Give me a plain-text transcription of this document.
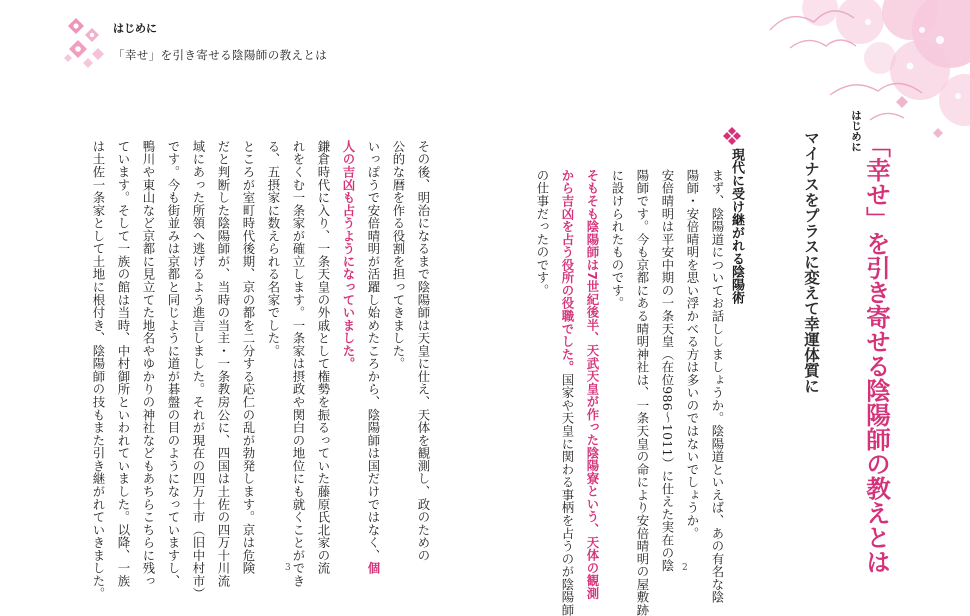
はじめに
「幸せ」を引き寄せる陰陽師の教えとは
はじめに
「幸せ」を引き寄せる陰陽師の教えとは
マイナスをプラスに変えて幸運体質に
現代に受け継がれる陰陽術
まず、陰陽道についてお話ししましょうか。陰陽道といえば、あの有名な陰
陽師・安倍晴明を思い浮かべる方は多いのではないでしょうか。
安倍晴明は平安中期の一条天皇（在位986〜1011）に仕えた実在の陰
陽師です。今も京都にある晴明神社は、一条天皇の命により安倍晴明の屋敷跡
に設けられたものです。
そもそも陰陽師は7世紀後半、天武天皇が作った陰陽寮という、天体の観測
から吉凶を占う役所の役職でした。国家や天皇に関わる事柄を占うのが陰陽師
の仕事だったのです。
その後、明治になるまで陰陽師は天皇に仕え、天体を観測し、政のための
公的な暦を作る役割を担ってきました。
いっぽうで安倍晴明が活躍し始めたころから、陰陽師は国だけではなく、個
人の吉凶も占うようになっていました。
鎌倉時代に入り、一条天皇の外戚として権勢を振るっていた藤原氏北家の流
れをくむ一条家が確立します。一条家は摂政や関白の地位にも就くことができ
る、五摂家に数えられる名家でした。
ところが室町時代後期、京の都を二分する応仁の乱が勃発します。京は危険
だと判断した陰陽師が、当時の当主・一条教房公に、四国は土佐の四万十川流
域にあった所領へ逃げるよう進言しました。それが現在の四万十市（旧中村市）
です。今も街並みは京都と同じように道が碁盤の目のようになっていますし、
鴨川や東山など京都に見立てた地名やゆかりの神社などもあちらこちらに残っ
ています。そして一族の館は当時、中村御所といわれていました。以降、一族
は土佐一条家として土地に根付き、陰陽師の技もまた引き継がれていきました。	3	2
